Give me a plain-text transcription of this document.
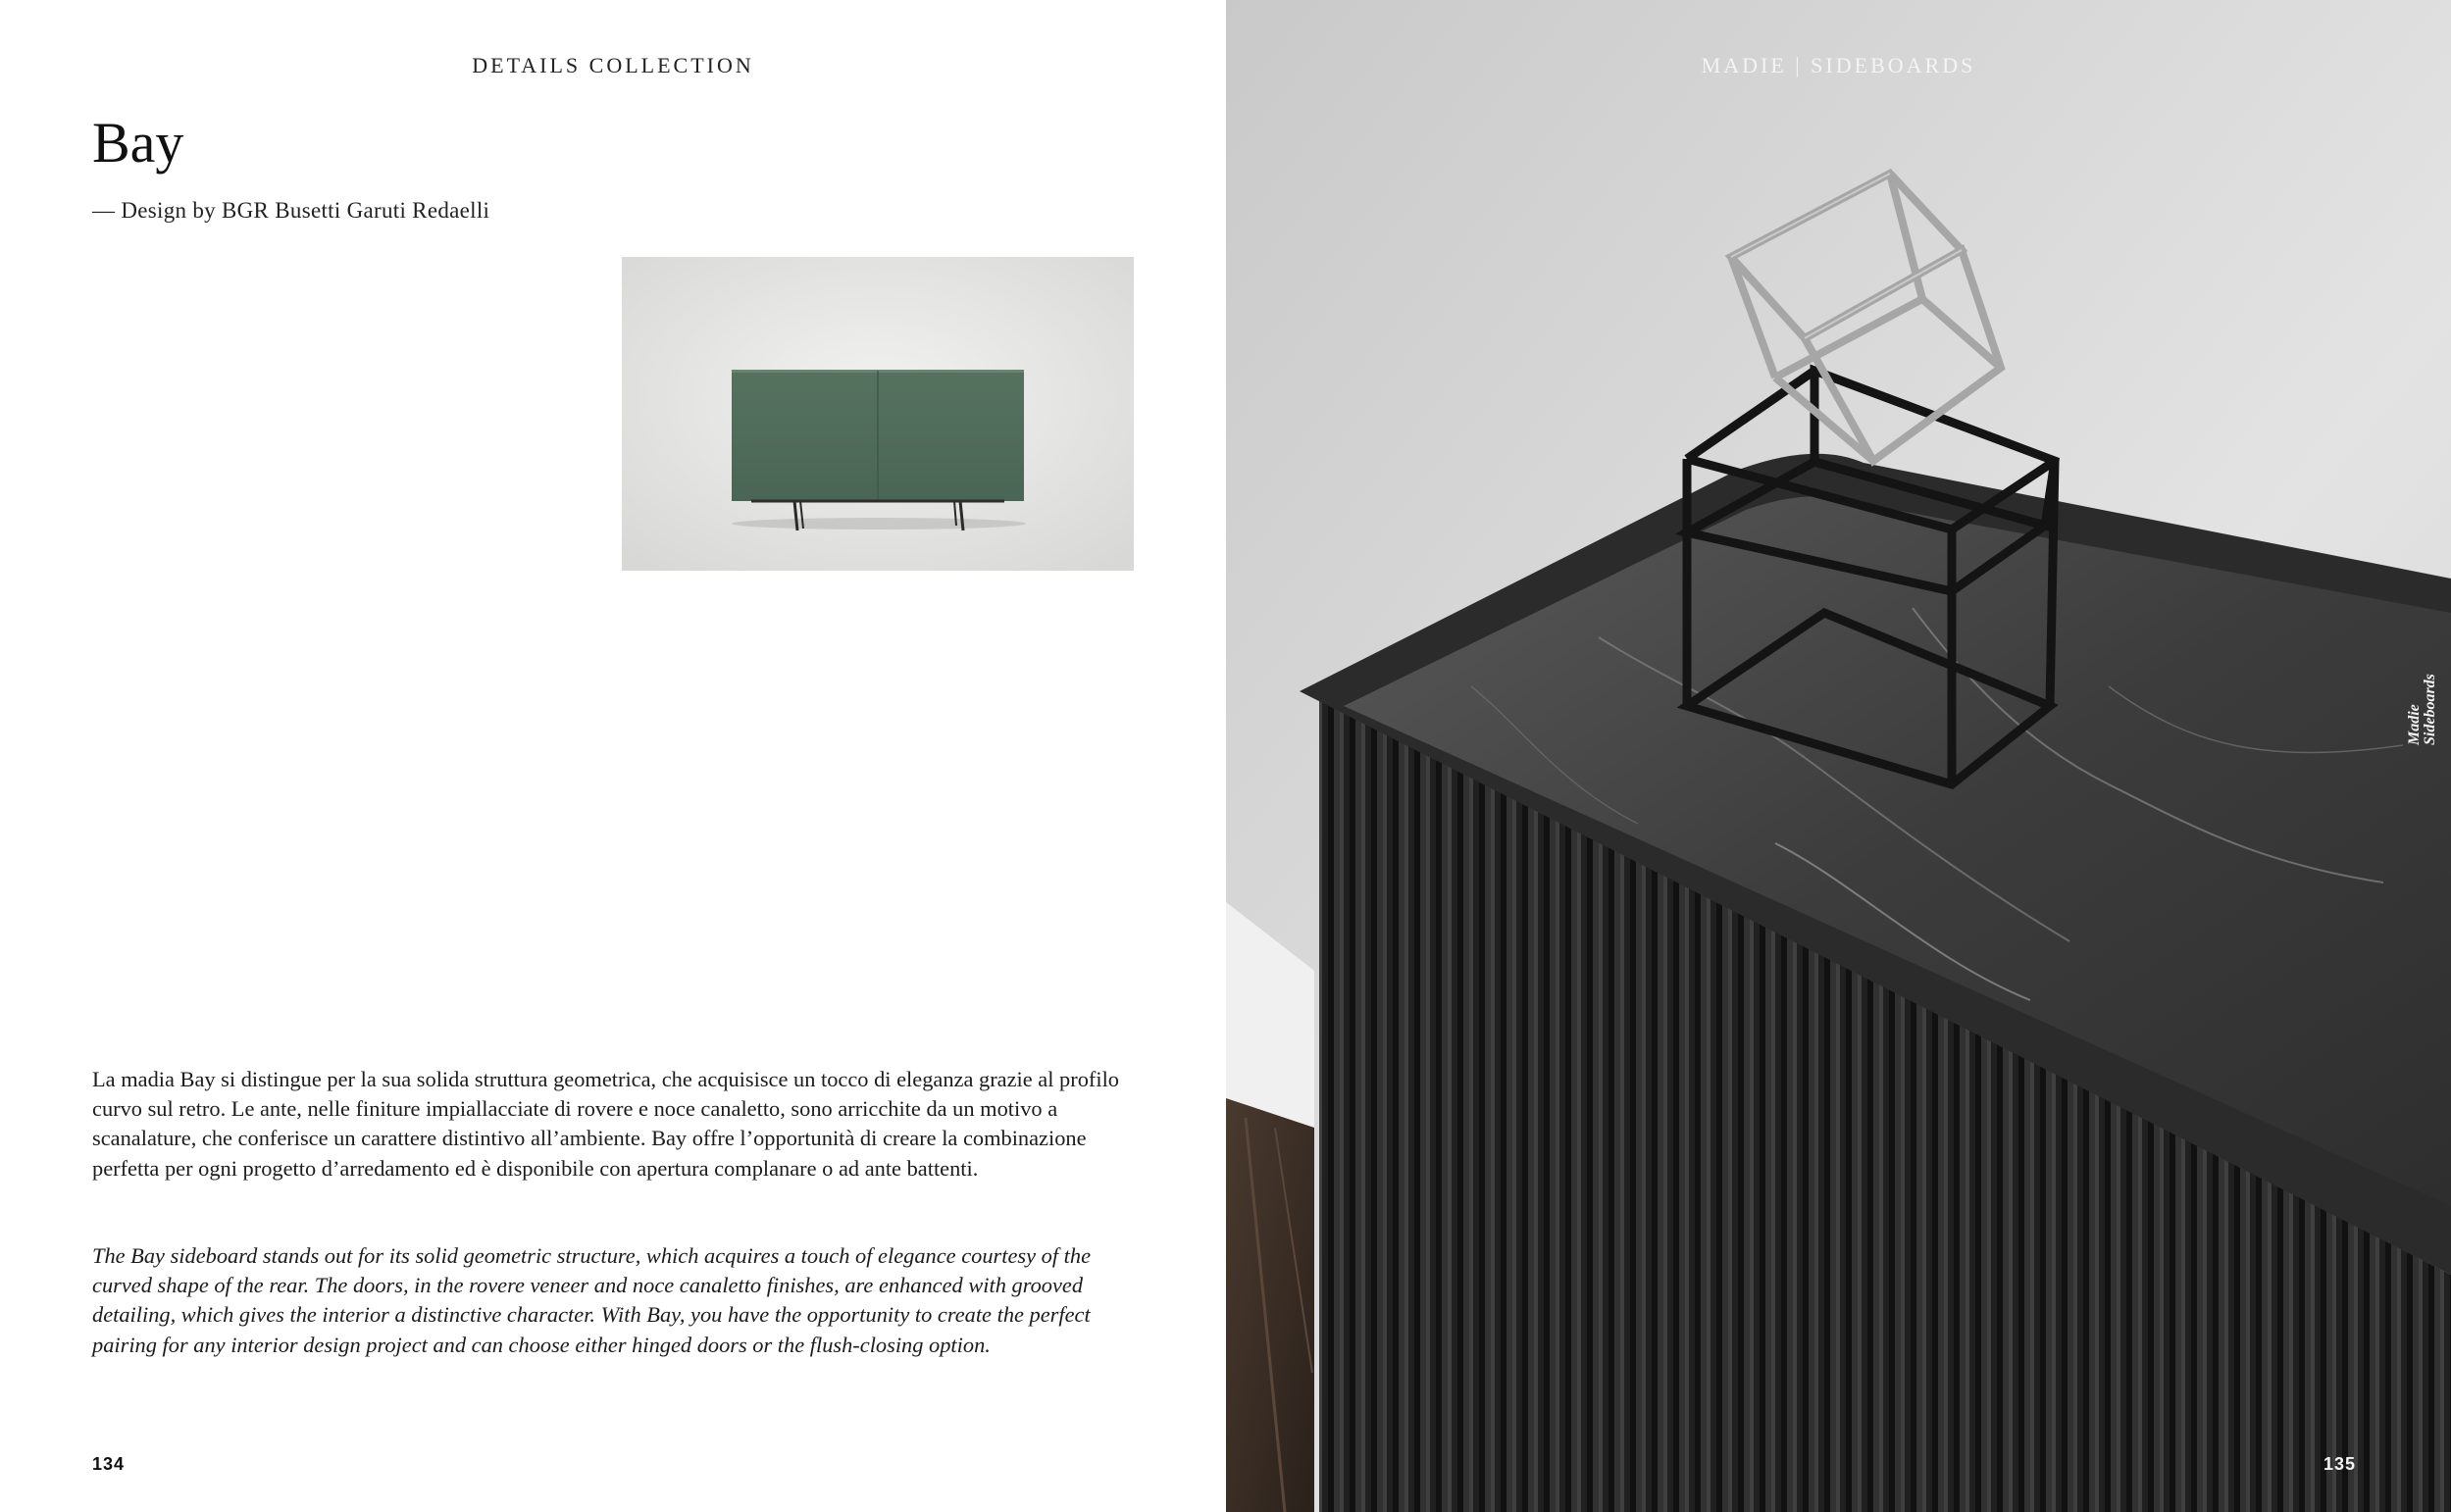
DETAILS COLLECTION
Bay
— Design by BGR Busetti Garuti Redaelli

La madia Bay si distingue per la sua solida struttura geometrica, che acquisisce un tocco di eleganza grazie al profilo curvo sul retro. Le ante, nelle finiture impiallacciate di rovere e noce canaletto, sono arricchite da un motivo a scanalature, che conferisce un carattere distintivo all’ambiente. Bay offre l’opportunità di creare la combinazione perfetta per ogni progetto d’arredamento ed è disponibile con apertura complanare o ad ante battenti.

The Bay sideboard stands out for its solid geometric structure, which acquires a touch of elegance courtesy of the curved shape of the rear. The doors, in the rovere veneer and noce canaletto finishes, are enhanced with grooved detailing, which gives the interior a distinctive character. With Bay, you have the opportunity to create the perfect pairing for any interior design project and can choose either hinged doors or the flush-closing option.

134
MADIE | SIDEBOARDS
Madie Sideboards
135
